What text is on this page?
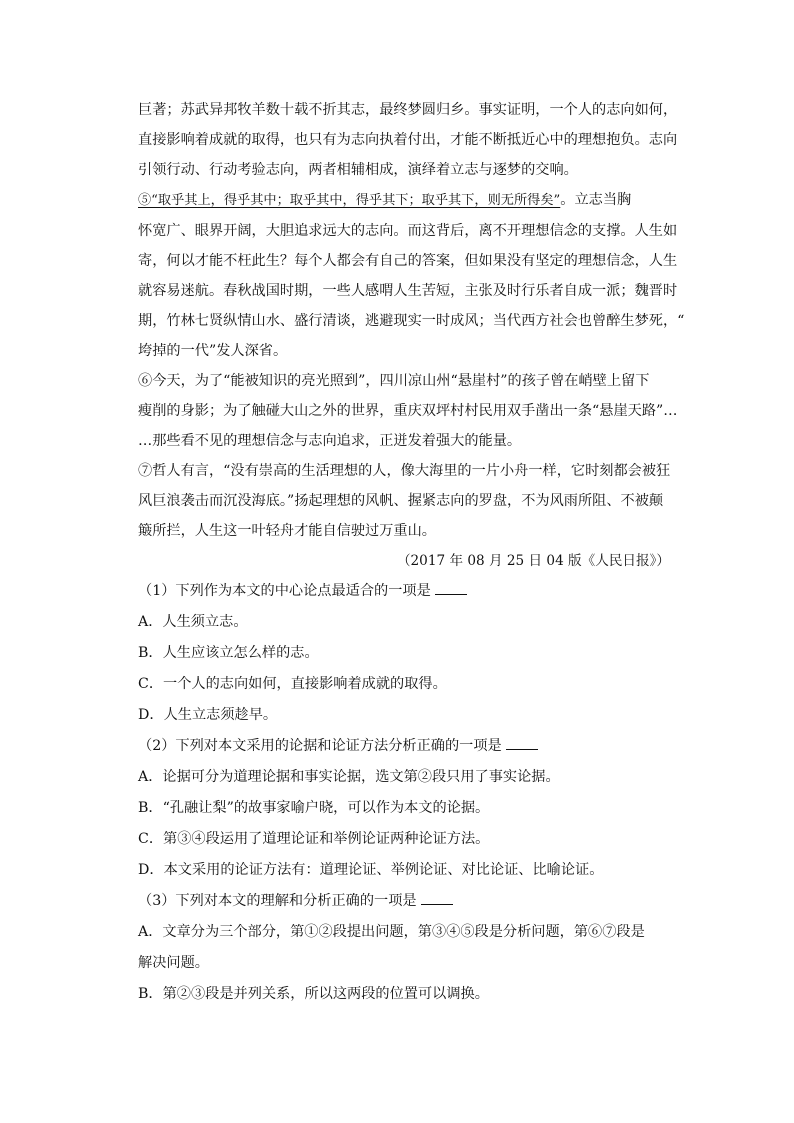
巨著；苏武异邦牧羊数十载不折其志，最终梦圆归乡。事实证明，一个人的志向如何，

直接影响着成就的取得，也只有为志向执着付出，才能不断抵近心中的理想抱负。志向

引领行动、行动考验志向，两者相辅相成，演绎着立志与逐梦的交响。

⑤“取乎其上，得乎其中；取乎其中，得乎其下；取乎其下，则无所得矣”。立志当胸

怀宽广、眼界开阔，大胆追求远大的志向。而这背后，离不开理想信念的支撑。人生如

寄，何以才能不枉此生？每个人都会有自己的答案，但如果没有坚定的理想信念，人生

就容易迷航。春秋战国时期，一些人感喟人生苦短，主张及时行乐者自成一派；魏晋时

期，竹林七贤纵情山水、盛行清谈，逃避现实一时成风；当代西方社会也曾醉生梦死，“

垮掉的一代”发人深省。

⑥今天，为了“能被知识的亮光照到”，四川凉山州“悬崖村”的孩子曾在峭壁上留下

瘦削的身影；为了触碰大山之外的世界，重庆双坪村村民用双手凿出一条“悬崖天路”…

…那些看不见的理想信念与志向追求，正迸发着强大的能量。

⑦哲人有言，“没有崇高的生活理想的人，像大海里的一片小舟一样，它时刻都会被狂

风巨浪袭击而沉没海底。”扬起理想的风帆、握紧志向的罗盘，不为风雨所阻、不被颠

簸所拦，人生这一叶轻舟才能自信驶过万重山。

（2017 年 08 月 25 日 04 版《人民日报》）

（1）下列作为本文的中心论点最适合的一项是

A．人生须立志。

B．人生应该立怎么样的志。

C．一个人的志向如何，直接影响着成就的取得。

D．人生立志须趁早。

（2）下列对本文采用的论据和论证方法分析正确的一项是

A．论据可分为道理论据和事实论据，选文第②段只用了事实论据。

B．“孔融让梨”的故事家喻户晓，可以作为本文的论据。

C．第③④段运用了道理论证和举例论证两种论证方法。

D．本文采用的论证方法有：道理论证、举例论证、对比论证、比喻论证。

（3）下列对本文的理解和分析正确的一项是

A．文章分为三个部分，第①②段提出问题，第③④⑤段是分析问题，第⑥⑦段是

解决问题。

B．第②③段是并列关系，所以这两段的位置可以调换。
